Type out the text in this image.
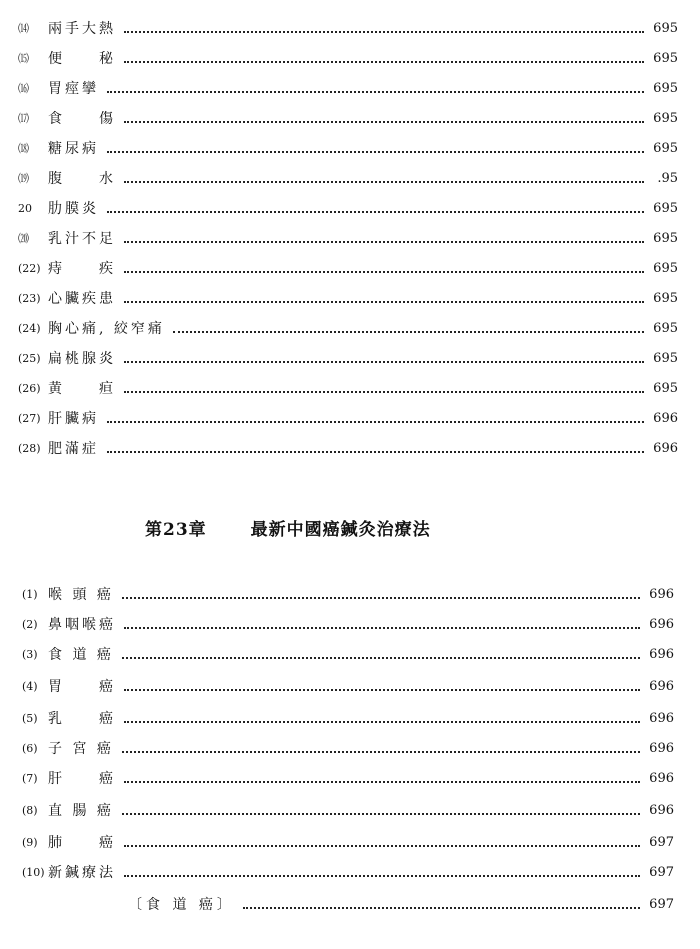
⒁	兩手大熱	695
⒂	便　　秘	695
⒃	胃痙攣	695
⒄	食　　傷	695
⒅	糖尿病	695
⒆	腹　　水	.95
20	肋膜炎	695
⒇	乳汁不足	695
(22) 痔　　疾	695
(23) 心臟疾患	695
(24) 胸心痛, 絞窄痛	695
(25) 扁桃腺炎	695
(26) 黄　　疸	695
(27) 肝臟病	696
(28) 肥滿症	696
第23章	最新中國癌鍼灸治療法
(1) 喉 頭 癌	696
(2) 鼻咽喉癌	696
(3) 食 道 癌	696
(4) 胃　　癌	696
(5) 乳　　癌	696
(6) 子 宮 癌	696
(7) 肝　　癌	696
(8) 直 腸 癌	696
(9) 肺　　癌	697
(10) 新鍼療法	697
〔食 道 癌〕	697
